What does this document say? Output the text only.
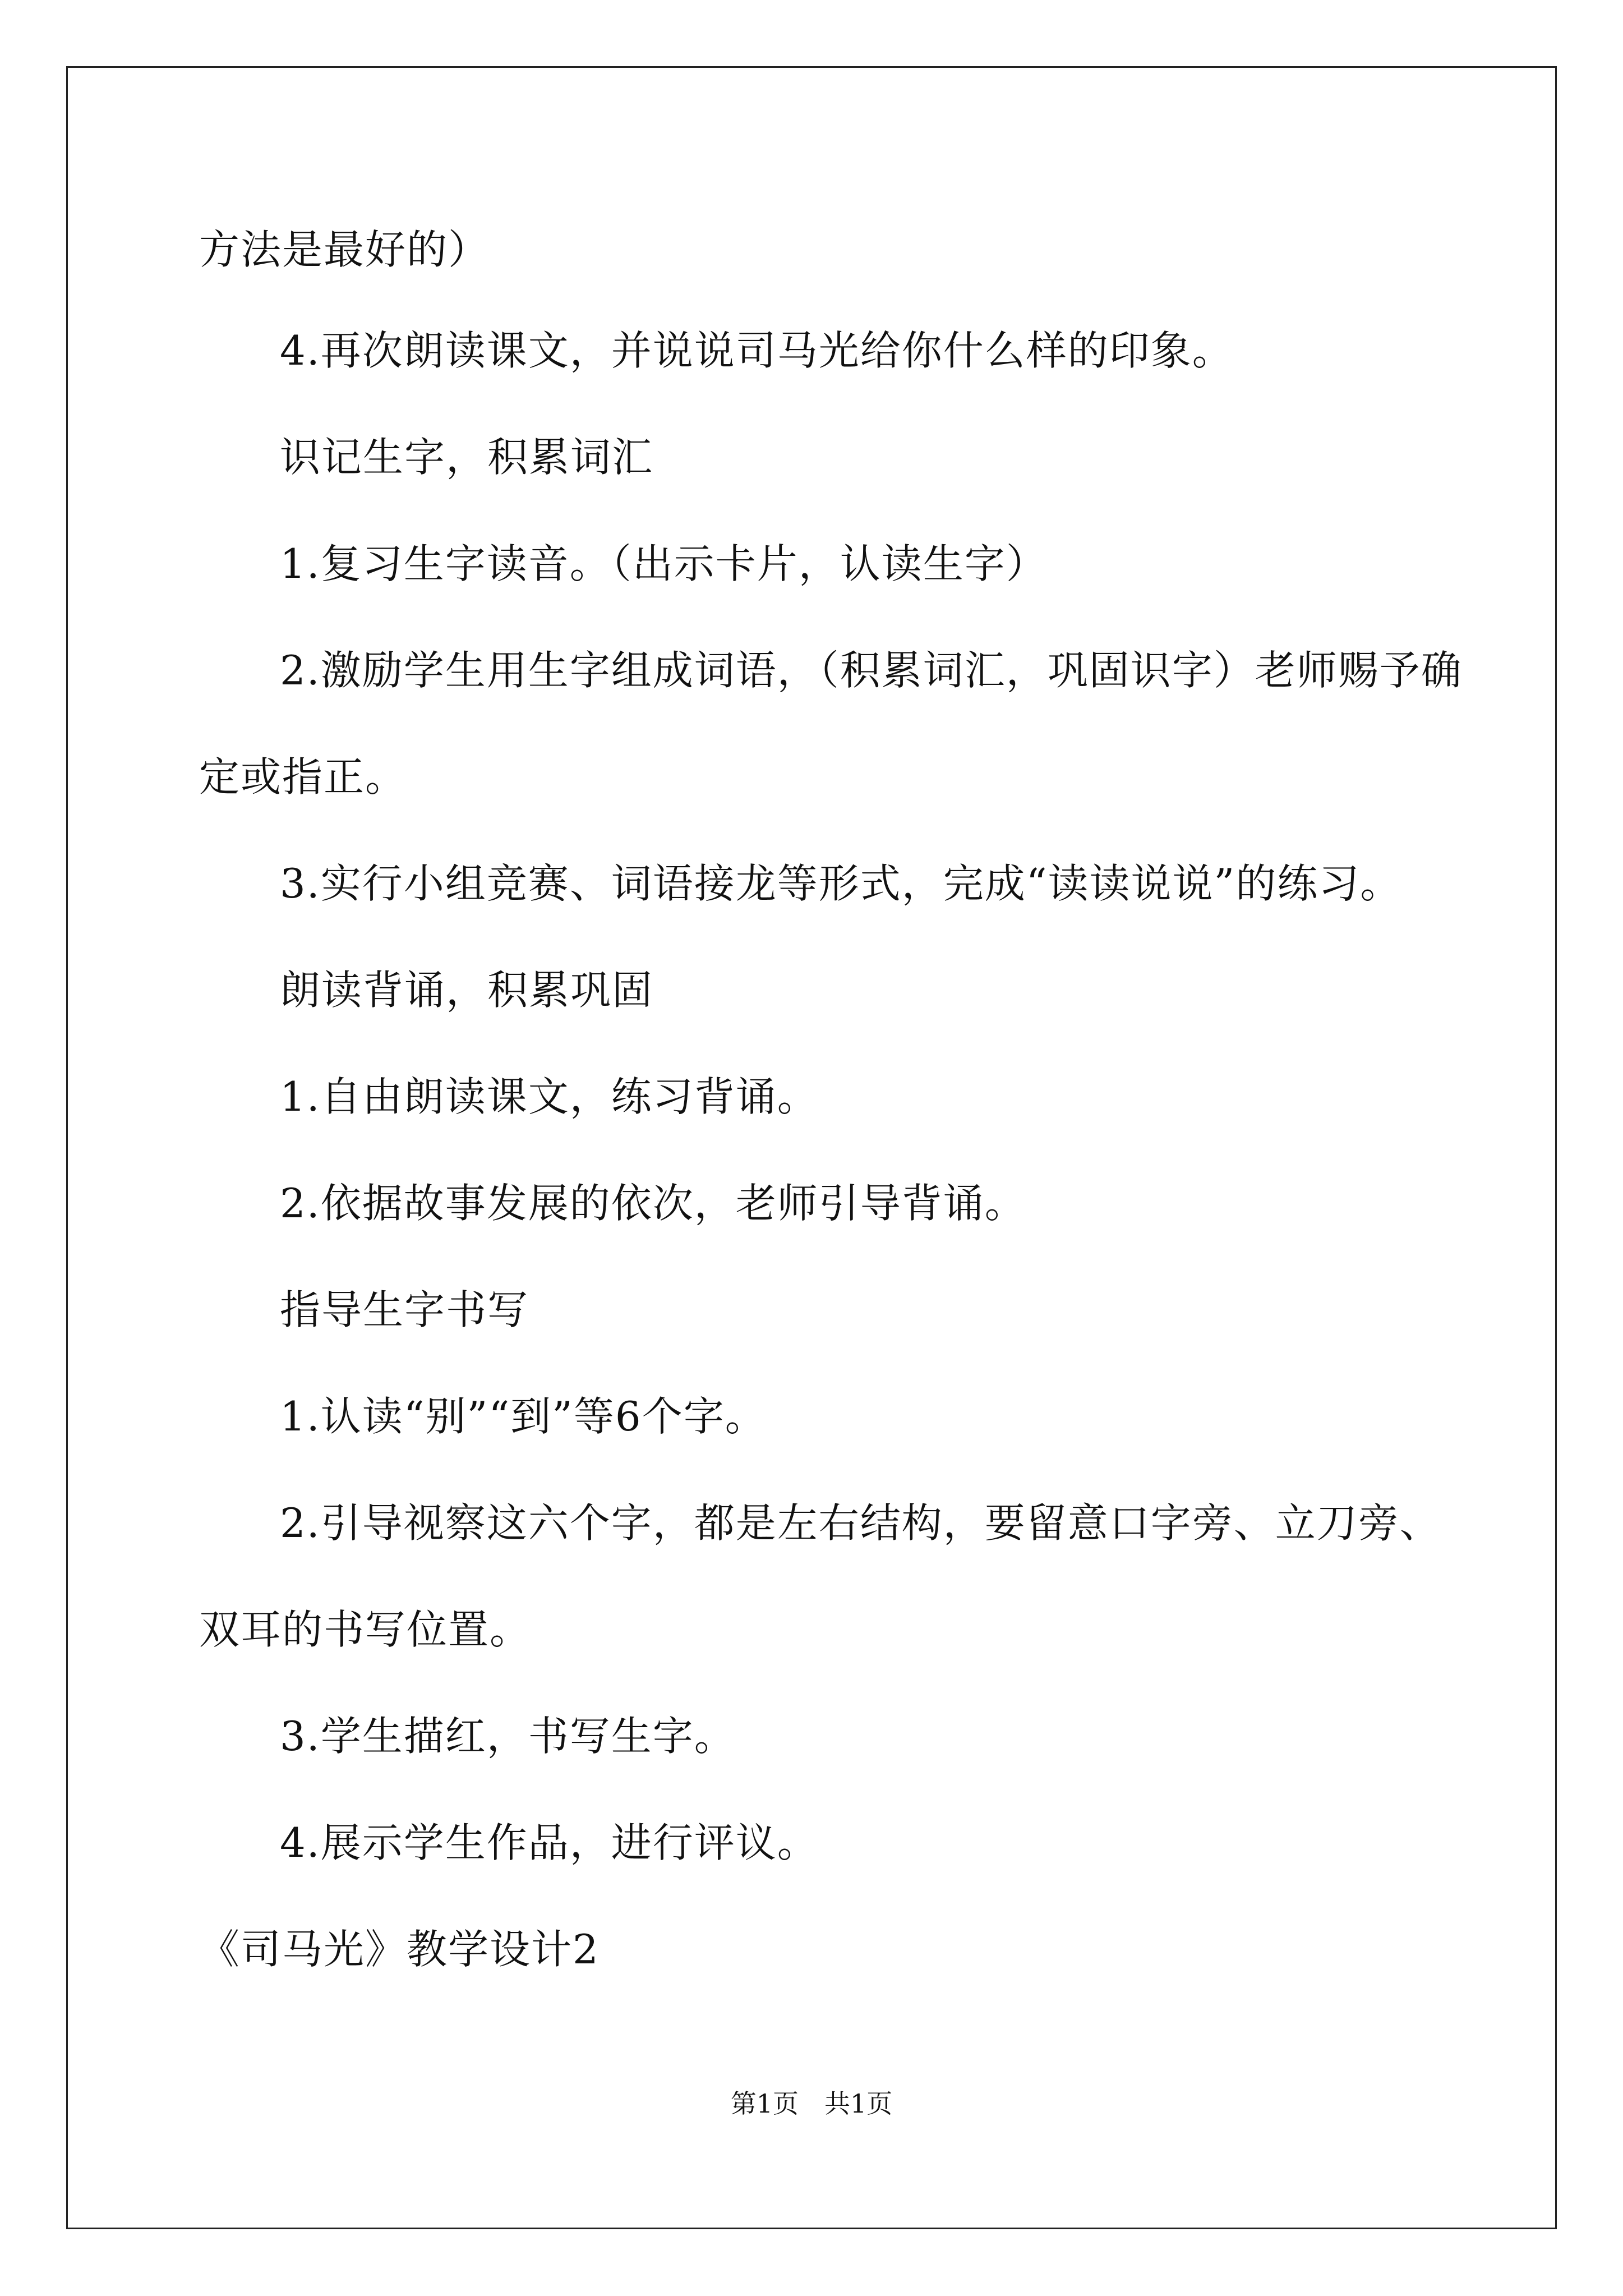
方法是最好的）
4.再次朗读课文，并说说司马光给你什么样的印象。
识记生字，积累词汇
1.复习生字读音。（出示卡片，认读生字）
2.激励学生用生字组成词语，（积累词汇，巩固识字）老师赐予确
定或指正。
3.实行小组竞赛、词语接龙等形式，完成“读读说说”的练习。
朗读背诵，积累巩固
1.自由朗读课文，练习背诵。
2.依据故事发展的依次，老师引导背诵。
指导生字书写
1.认读“别”“到”等6个字。
2.引导视察这六个字，都是左右结构，要留意口字旁、立刀旁、
双耳的书写位置。
3.学生描红，书写生字。
4.展示学生作品，进行评议。
《司马光》教学设计2
第1页　共1页
